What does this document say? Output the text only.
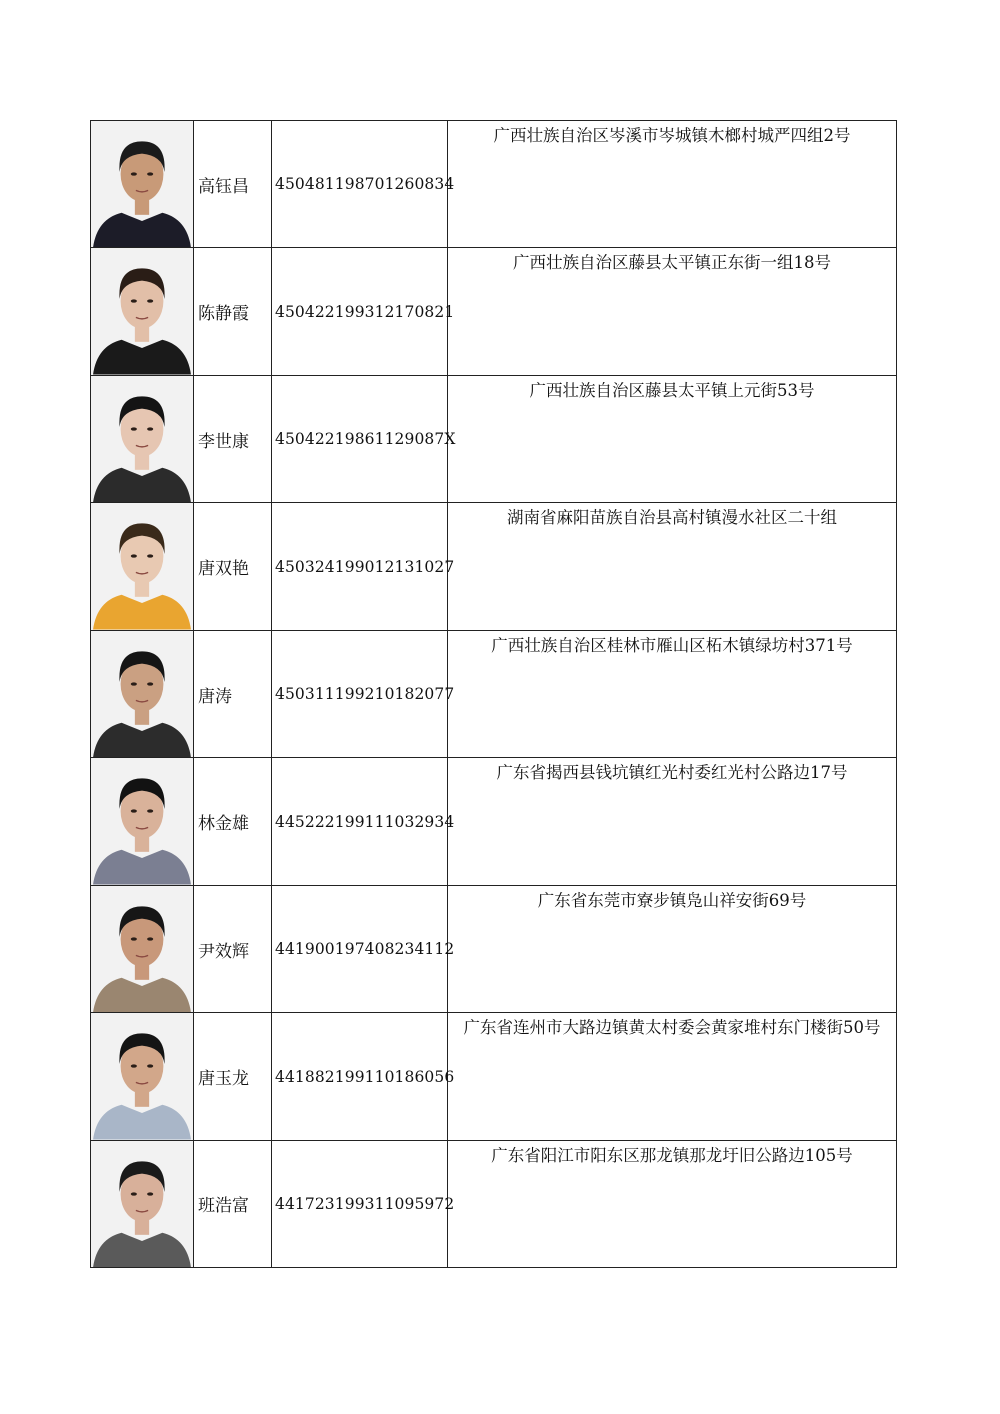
	高钰昌	450481198701260834	广西壮族自治区岑溪市岑城镇木榔村城严四组2号

	陈静霞	450422199312170821	广西壮族自治区藤县太平镇正东街一组18号

	李世康	45042219861129087X	广西壮族自治区藤县太平镇上元街53号

	唐双艳	450324199012131027	湖南省麻阳苗族自治县高村镇漫水社区二十组

	唐涛	450311199210182077	广西壮族自治区桂林市雁山区柘木镇绿坊村371号

	林金雄	445222199111032934	广东省揭西县钱坑镇红光村委红光村公路边17号

	尹效辉	441900197408234112	广东省东莞市寮步镇凫山祥安街69号

	唐玉龙	441882199110186056	广东省连州市大路边镇黄太村委会黄家堆村东门楼街50号

	班浩富	441723199311095972	广东省阳江市阳东区那龙镇那龙圩旧公路边105号
